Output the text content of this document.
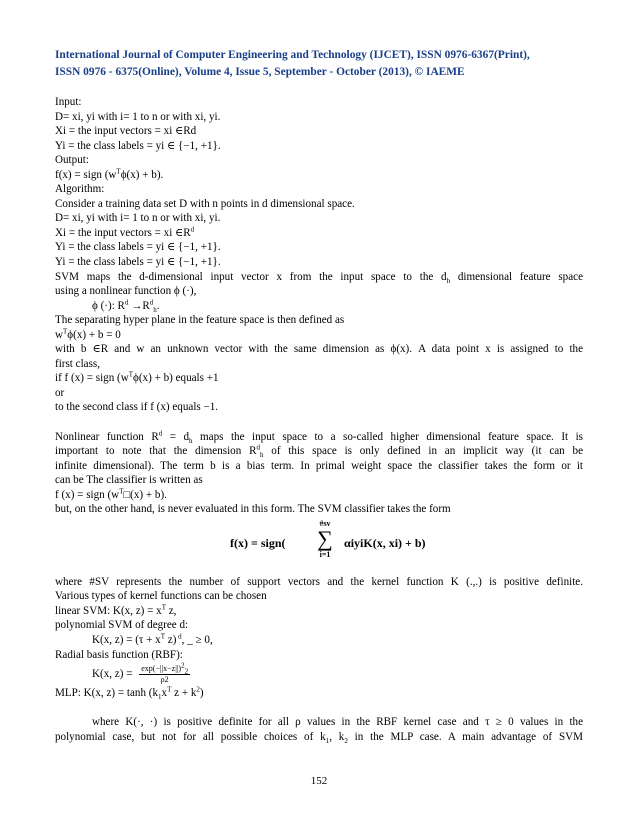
International Journal of Computer Engineering and Technology (IJCET), ISSN 0976-6367(Print),
ISSN 0976 - 6375(Online), Volume 4, Issue 5, September - October (2013), © IAEME
Input:
D= xi, yi with i= 1 to n or with xi, yi.
Xi = the input vectors = xi ∈Rd
Yi = the class labels = yi ∈ {−1, +1}.
Output:
f(x) = sign $(w^T\phi(x) + b)$.
Algorithm:
Consider a training data set D with n points in d dimensional space.
D= xi, yi with i= 1 to n or with xi, yi.
Xi = the input vectors = xi $\in R^d$
Yi = the class labels = yi ∈ {−1, +1}.
Yi = the class labels = yi ∈ {−1, +1}.
SVM maps the d-dimensional input vector x from the input space to the $d_h$ dimensional feature space
using a nonlinear function ϕ (·),
ϕ (·): $R^d \to R^d_h$.
The separating hyper plane in the feature space is then defined as
$w^T\phi(x) + b = 0$
with b ∈R and w an unknown vector with the same dimension as ϕ(x). A data point x is assigned to the
first class,
if f (x) = sign $(w^T\phi(x) + b)$ equals +1
or
to the second class if f (x) equals −1.
Nonlinear function $R^d = d_h$ maps the input space to a so-called higher dimensional feature space. It is
important to note that the dimension $R^d_h$ of this space is only defined in an implicit way (it can be
infinite dimensional). The term b is a bias term. In primal weight space the classifier takes the form or it
can be The classifier is written as
f (x) = sign $(w^T□(x) + b)$.
but, on the other hand, is never evaluated in this form. The SVM classifier takes the form
f(x) = sign(
#sv
∑
i=1
αiyiK(x, xi) + b)
where #SV represents the number of support vectors and the kernel function K (.,.) is positive definite.
Various types of kernel functions can be chosen
linear SVM: K(x, $z) = x^T$ z,
polynomial SVM of degree d:
K(x, $z) = (\tau + x^T$ z) $^d$, _ ≥ 0,
Radial basis function (RBF):
K(x, $z) = \frac{\exp(-||x-z||)^2_2}{\rho 2}$
MLP: K(x, $z) = \tanh (k_1x^T$ $z + k^2$)
where K(·, ·) is positive definite for all ρ values in the RBF kernel case and τ ≥ 0 values in the
polynomial case, but not for all possible choices of $k_1$, $k_2$ in the MLP case. A main advantage of SVM
152
